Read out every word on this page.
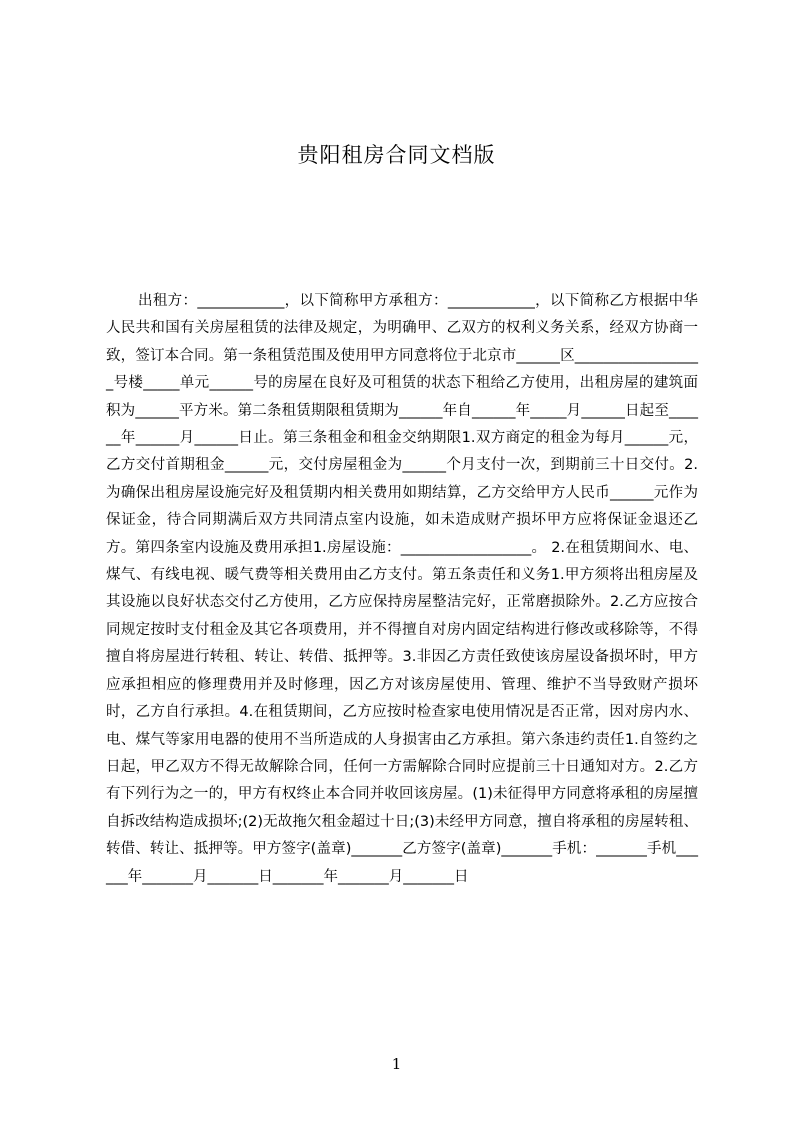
贵阳租房合同文档版

出租方：____________，以下简称甲方承租方：____________，以下简称乙方根据中华人民共和国有关房屋租赁的法律及规定，为明确甲、乙双方的权利义务关系，经双方协商一致，签订本合同。第一条租赁范围及使用甲方同意将位于北京市______区__________________号楼_____单元______号的房屋在良好及可租赁的状态下租给乙方使用，出租房屋的建筑面积为______平方米。第二条租赁期限租赁期为______年自______年_____月______日起至______年______月______日止。第三条租金和租金交纳期限1.双方商定的租金为每月______元，乙方交付首期租金______元，交付房屋租金为______个月支付一次，到期前三十日交付。2.为确保出租房屋设施完好及租赁期内相关费用如期结算，乙方交给甲方人民币______元作为保证金，待合同期满后双方共同清点室内设施，如未造成财产损坏甲方应将保证金退还乙方。第四条室内设施及费用承担1.房屋设施：__________________。 2.在租赁期间水、电、煤气、有线电视、暖气费等相关费用由乙方支付。第五条责任和义务1.甲方须将出租房屋及其设施以良好状态交付乙方使用，乙方应保持房屋整洁完好，正常磨损除外。2.乙方应按合同规定按时支付租金及其它各项费用，并不得擅自对房内固定结构进行修改或移除等，不得擅自将房屋进行转租、转让、转借、抵押等。3.非因乙方责任致使该房屋设备损坏时，甲方应承担相应的修理费用并及时修理，因乙方对该房屋使用、管理、维护不当导致财产损坏时，乙方自行承担。4.在租赁期间，乙方应按时检查家电使用情况是否正常，因对房内水、电、煤气等家用电器的使用不当所造成的人身损害由乙方承担。第六条违约责任1.自签约之日起，甲乙双方不得无故解除合同，任何一方需解除合同时应提前三十日通知对方。2.乙方有下列行为之一的，甲方有权终止本合同并收回该房屋。(1)未征得甲方同意将承租的房屋擅自拆改结构造成损坏;(2)无故拖欠租金超过十日;(3)未经甲方同意，擅自将承租的房屋转租、转借、转让、抵押等。甲方签字(盖章)_______乙方签字(盖章)_______手机：_______手机______年_______月_______日_______年_______月_______日

1
